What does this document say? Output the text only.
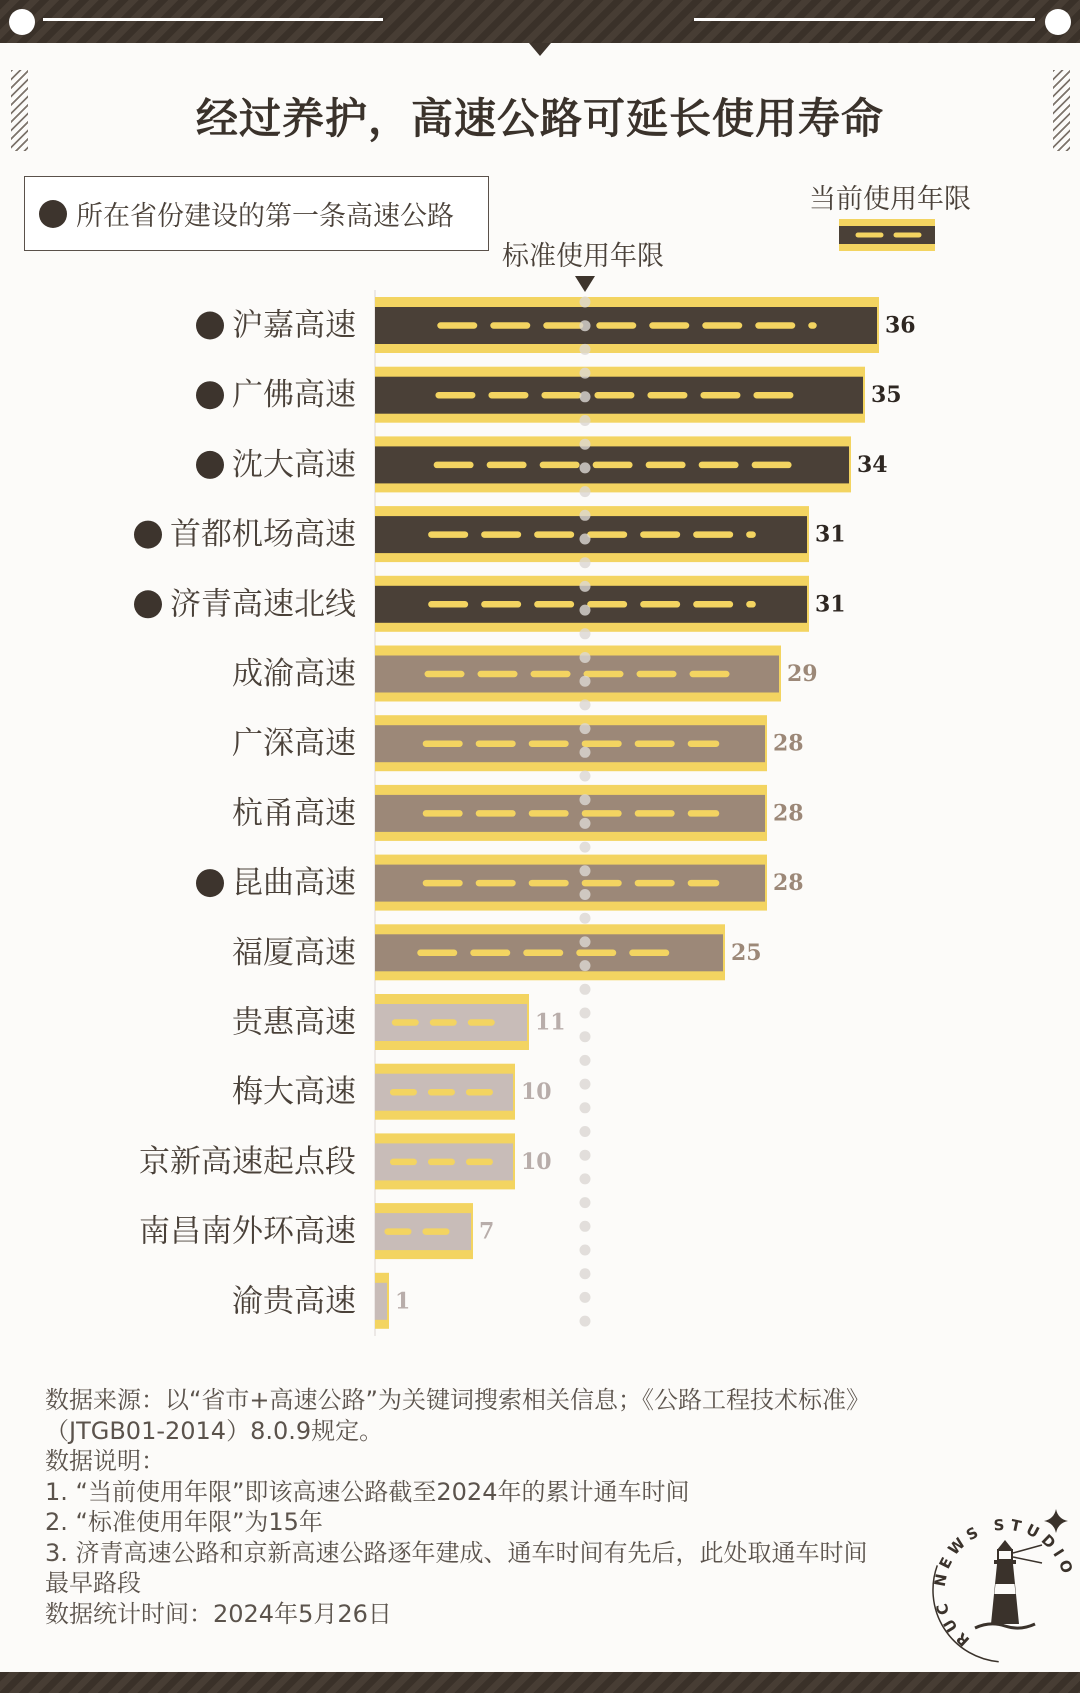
经过养护，高速公路可延长使用寿命
所在省份建设的第一条高速公路
当前使用年限
标准使用年限
沪嘉高速
广佛高速
沈大高速
首都机场高速
济青高速北线
成渝高速
广深高速
杭甬高速
昆曲高速
福厦高速
贵惠高速
梅大高速
京新高速起点段
南昌南外环高速
渝贵高速
36
35
34
31
31
29
28
28
28
25
11
10
10
7
1
数据来源：以“省市+高速公路”为关键词搜索相关信息；《公路工程技术标准》
（JTGB01-2014）8.0.9规定。
数据说明：
1. “当前使用年限”即该高速公路截至2024年的累计通车时间
2. “标准使用年限”为15年
3. 济青高速公路和京新高速公路逐年建成、通车时间有先后，此处取通车时间
最早路段
数据统计时间：2024年5月26日
RUC NEWS STUDIO
